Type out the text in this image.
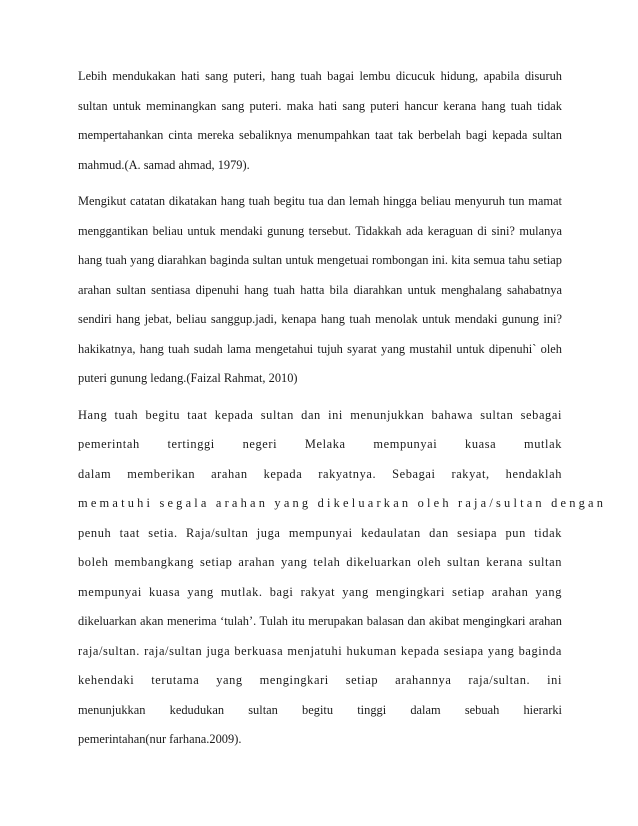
Lebih mendukakan hati sang puteri, hang tuah bagai lembu dicucuk hidung, apabila disuruh
sultan untuk meminangkan sang puteri. maka hati sang puteri hancur kerana hang tuah tidak
mempertahankan cinta mereka sebaliknya menumpahkan taat tak berbelah bagi kepada sultan
mahmud.(A. samad ahmad, 1979).
Mengikut catatan dikatakan hang tuah begitu tua dan lemah hingga beliau menyuruh tun mamat
menggantikan beliau untuk mendaki gunung tersebut. Tidakkah ada keraguan di sini? mulanya
hang tuah yang diarahkan baginda sultan untuk mengetuai rombongan ini. kita semua tahu setiap
arahan sultan sentiasa dipenuhi hang tuah hatta bila diarahkan untuk menghalang sahabatnya
sendiri hang jebat, beliau sanggup.jadi, kenapa hang tuah menolak untuk mendaki gunung ini?
hakikatnya, hang tuah sudah lama mengetahui tujuh syarat yang mustahil untuk dipenuhi` oleh
puteri gunung ledang.(Faizal Rahmat, 2010)
Hang tuah begitu taat kepada sultan dan ini menunjukkan bahawa sultan sebagai
pemerintah tertinggi negeri Melaka mempunyai kuasa mutlak
dalam memberikan arahan kepada rakyatnya. Sebagai rakyat, hendaklah
mematuhi segala arahan yang dikeluarkan oleh raja/sultan dengan
penuh taat setia. Raja/sultan juga mempunyai kedaulatan dan sesiapa pun tidak
boleh membangkang setiap arahan yang telah dikeluarkan oleh sultan kerana sultan
mempunyai kuasa yang mutlak. bagi rakyat yang mengingkari setiap arahan yang
dikeluarkan akan menerima ‘tulah’. Tulah itu merupakan balasan dan akibat mengingkari arahan
raja/sultan. raja/sultan juga berkuasa menjatuhi hukuman kepada sesiapa yang baginda
kehendaki terutama yang mengingkari setiap arahannya raja/sultan. ini
menunjukkan kedudukan sultan begitu tinggi dalam sebuah hierarki
pemerintahan(nur farhana.2009).
